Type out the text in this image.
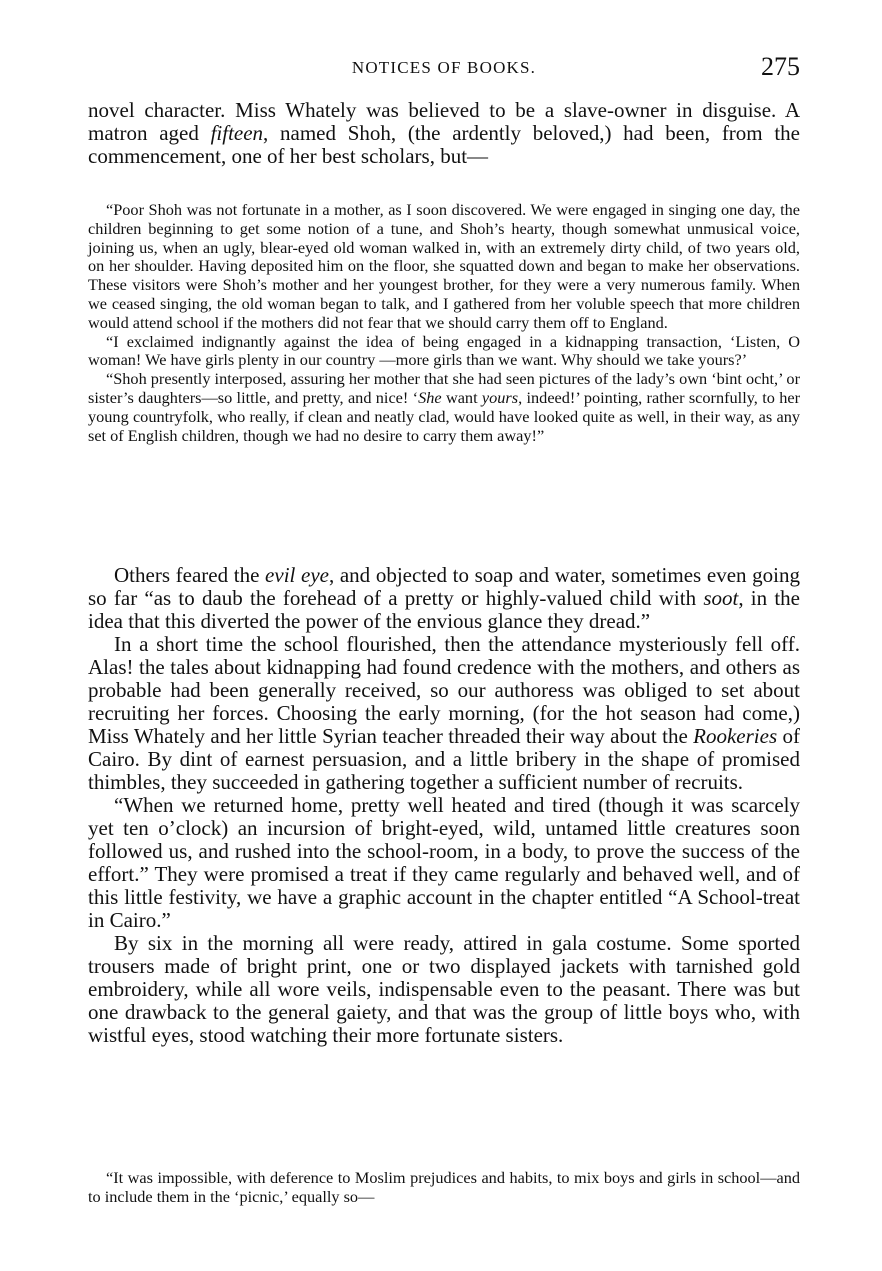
NOTICES OF BOOKS.	275

novel character. Miss Whately was believed to be a slave-owner in disguise. A matron aged fifteen, named Shoh, (the ardently beloved,) had been, from the commencement, one of her best scholars, but—

“Poor Shoh was not fortunate in a mother, as I soon discovered. We were engaged in singing one day, the children beginning to get some notion of a tune, and Shoh’s hearty, though somewhat unmusical voice, joining us, when an ugly, blear-eyed old woman walked in, with an extremely dirty child, of two years old, on her shoulder. Having deposited him on the floor, she squatted down and began to make her observations. These visitors were Shoh’s mother and her youngest brother, for they were a very numerous family. When we ceased singing, the old woman began to talk, and I gathered from her voluble speech that more children would attend school if the mothers did not fear that we should carry them off to England.

“I exclaimed indignantly against the idea of being engaged in a kidnapping transaction, ‘Listen, O woman! We have girls plenty in our country —more girls than we want. Why should we take yours?’

“Shoh presently interposed, assuring her mother that she had seen pictures of the lady’s own ‘bint ocht,’ or sister’s daughters—so little, and pretty, and nice! ‘She want yours, indeed!’ pointing, rather scornfully, to her young countryfolk, who really, if clean and neatly clad, would have looked quite as well, in their way, as any set of English children, though we had no desire to carry them away!”

Others feared the evil eye, and objected to soap and water, sometimes even going so far “as to daub the forehead of a pretty or highly-valued child with soot, in the idea that this diverted the power of the envious glance they dread.”

In a short time the school flourished, then the attendance mysteriously fell off. Alas! the tales about kidnapping had found credence with the mothers, and others as probable had been generally received, so our authoress was obliged to set about recruiting her forces. Choosing the early morning, (for the hot season had come,) Miss Whately and her little Syrian teacher threaded their way about the Rookeries of Cairo. By dint of earnest persuasion, and a little bribery in the shape of promised thimbles, they succeeded in gathering together a sufficient number of recruits.

“When we returned home, pretty well heated and tired (though it was scarcely yet ten o’clock) an incursion of bright-eyed, wild, untamed little creatures soon followed us, and rushed into the school-room, in a body, to prove the success of the effort.” They were promised a treat if they came regularly and behaved well, and of this little festivity, we have a graphic account in the chapter entitled “A School-treat in Cairo.”

By six in the morning all were ready, attired in gala costume. Some sported trousers made of bright print, one or two displayed jackets with tarnished gold embroidery, while all wore veils, indispensable even to the peasant. There was but one drawback to the general gaiety, and that was the group of little boys who, with wistful eyes, stood watching their more fortunate sisters.

“It was impossible, with deference to Moslim prejudices and habits, to mix boys and girls in school—and to include them in the ‘picnic,’ equally so—
